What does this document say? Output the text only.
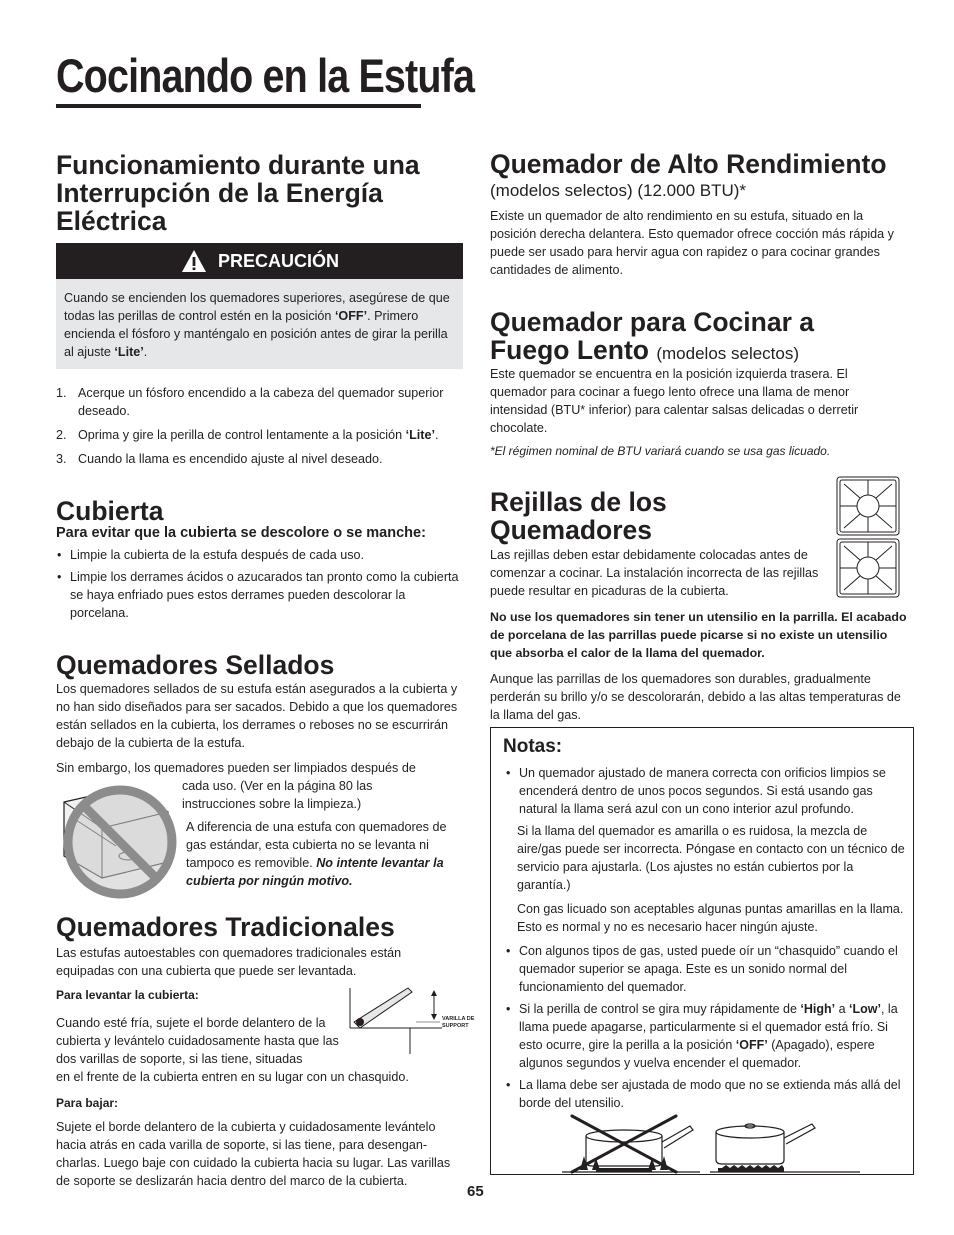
Cocinando en la Estufa
Funcionamiento durante una Interrupción de la Energía Eléctrica
PRECAUCIÓN

Cuando se encienden los quemadores superiores, asegúrese de que todas las perillas de control estén en la posición ‘OFF’. Primero encienda el fósforo y manténgalo en posición antes de girar la perilla al ajuste ‘Lite’.

1. Acerque un fósforo encendido a la cabeza del quemador superior deseado.
2. Oprima y gire la perilla de control lentamente a la posición ‘Lite’.
3. Cuando la llama es encendido ajuste al nivel deseado.
Cubierta
Para evitar que la cubierta se descolore o se manche:
• Limpie la cubierta de la estufa después de cada uso.
• Limpie los derrames ácidos o azucarados tan pronto como la cubierta se haya enfriado pues estos derrames pueden descolorar la porcelana.
Quemadores Sellados

Los quemadores sellados de su estufa están asegurados a la cubierta y no han sido diseñados para ser sacados. Debido a que los quemadores están sellados en la cubierta, los derrames o reboses no se escurrirán debajo de la cubierta de la estufa.

Sin embargo, los quemadores pueden ser limpiados después de

cada uso. (Ver en la página 80 las instrucciones sobre la limpieza.)

A diferencia de una estufa con quemadores de gas estándar, esta cubierta no se levanta ni tampoco es removible. No intente levantar la cubierta por ningún motivo.

Quemadores Tradicionales

Las estufas autoestables con quemadores tradicionales están equipadas con una cubierta que puede ser levantada.

Para levantar la cubierta:

Cuando esté fría, sujete el borde delantero de la cubierta y levántelo cuidadosamente hasta que las dos varillas de soporte, si las tiene, situadas

en el frente de la cubierta entren en su lugar con un chasquido.

Para bajar:

Sujete el borde delantero de la cubierta y cuidadosamente levántelo hacia atrás en cada varilla de soporte, si las tiene, para desengan-charlas. Luego baje con cuidado la cubierta hacia su lugar. Las varillas de soporte se deslizarán hacia dentro del marco de la cubierta.

VARILLA DE
SUPPORT
Quemador de Alto Rendimiento
(modelos selectos) (12.000 BTU)*

Existe un quemador de alto rendimiento en su estufa, situado en la posición derecha delantera. Esto quemador ofrece cocción más rápida y puede ser usado para hervir agua con rapidez o para cocinar grandes cantidades de alimento.

Quemador para Cocinar a
Fuego Lento (modelos selectos)

Este quemador se encuentra en la posición izquierda trasera. El quemador para cocinar a fuego lento ofrece una llama de menor intensidad (BTU* inferior) para calentar salsas delicadas o derretir chocolate.

*El régimen nominal de BTU variará cuando se usa gas licuado.

Rejillas de los Quemadores

Las rejillas deben estar debidamente colocadas antes de comenzar a cocinar. La instalación incorrecta de las rejillas puede resultar en picaduras de la cubierta.

No use los quemadores sin tener un utensilio en la parrilla. El acabado de porcelana de las parrillas puede picarse si no existe un utensilio que absorba el calor de la llama del quemador.

Aunque las parrillas de los quemadores son durables, gradualmente perderán su brillo y/o se descolorarán, debido a las altas temperaturas de la llama del gas.

Notas:
• Un quemador ajustado de manera correcta con orificios limpios se encenderá dentro de unos pocos segundos. Si está usando gas natural la llama será azul con un cono interior azul profundo.

Si la llama del quemador es amarilla o es ruidosa, la mezcla de aire/gas puede ser incorrecta. Póngase en contacto con un técnico de servicio para ajustarla. (Los ajustes no están cubiertos por la garantía.)

Con gas licuado son aceptables algunas puntas amarillas en la llama. Esto es normal y no es necesario hacer ningún ajuste.

• Con algunos tipos de gas, usted puede oír un “chasquido” cuando el quemador superior se apaga. Este es un sonido normal del funcionamiento del quemador.
• Si la perilla de control se gira muy rápidamente de ‘High’ a ‘Low’, la llama puede apagarse, particularmente si el quemador está frío. Si esto ocurre, gire la perilla a la posición ‘OFF’ (Apagado), espere algunos segundos y vuelva encender el quemador.
• La llama debe ser ajustada de modo que no se extienda más allá del borde del utensilio.
65
